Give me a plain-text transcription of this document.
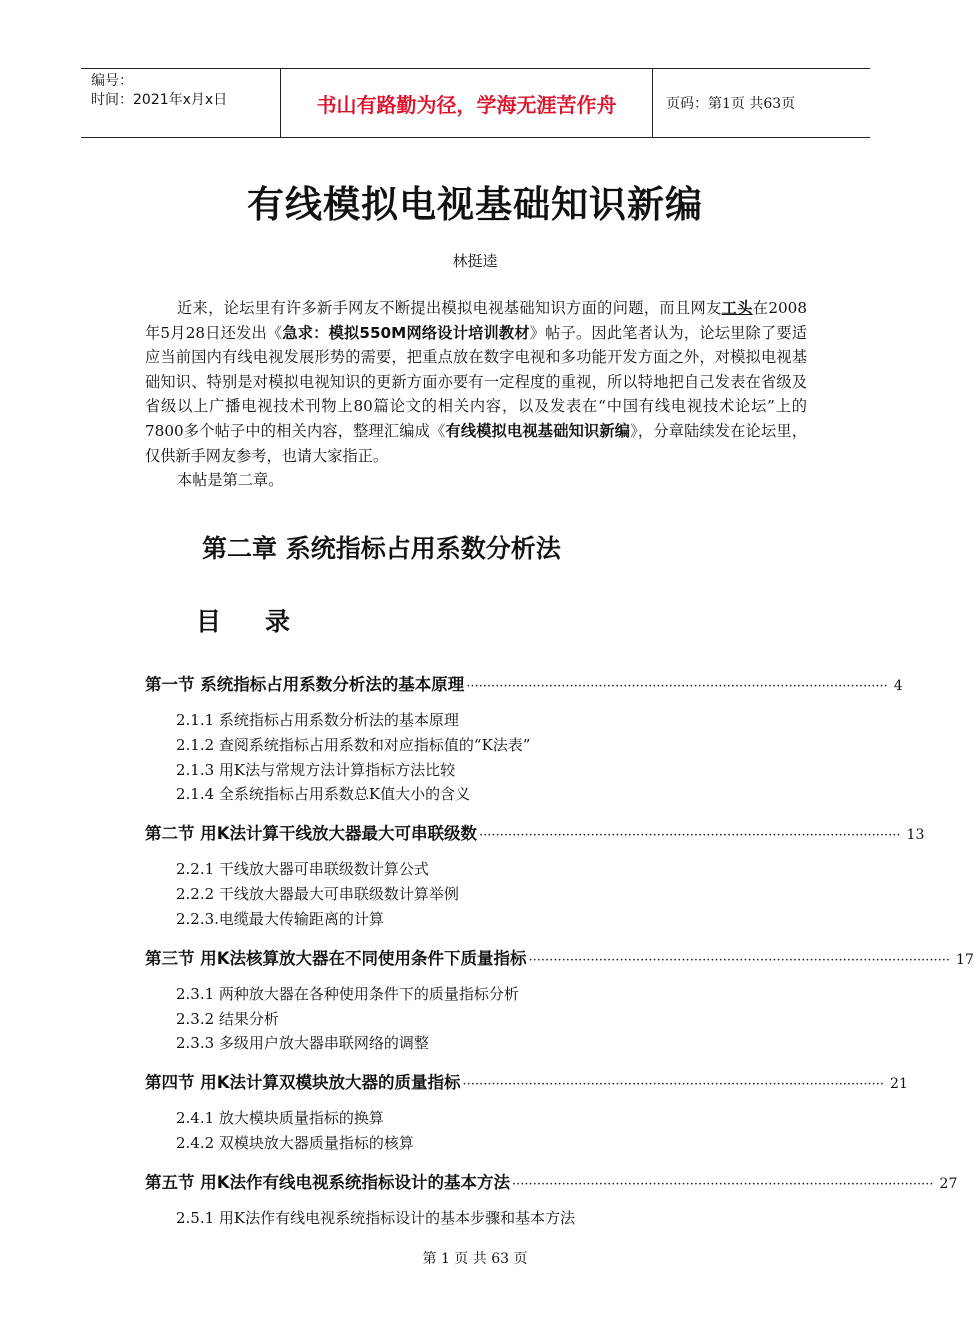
编号：
时间：2021年x月x日	书山有路勤为径，学海无涯苦作舟	页码：第1页 共63页
有线模拟电视基础知识新编
林挺逵

近来，论坛里有许多新手网友不断提出模拟电视基础知识方面的问题，而且网友工头在2008年5月28日还发出《急求：模拟550M网络设计培训教材》帖子。因此笔者认为，论坛里除了要适应当前国内有线电视发展形势的需要，把重点放在数字电视和多功能开发方面之外，对模拟电视基础知识、特别是对模拟电视知识的更新方面亦要有一定程度的重视，所以特地把自己发表在省级及省级以上广播电视技术刊物上80篇论文的相关内容，以及发表在“中国有线电视技术论坛”上的7800多个帖子中的相关内容，整理汇编成《有线模拟电视基础知识新编》，分章陆续发在论坛里，仅供新手网友参考，也请大家指正。

本帖是第二章。

第二章 系统指标占用系数分析法
目 录
第一节 系统指标占用系数分析法的基本原理 ······································································································ 4
2.1.1 系统指标占用系数分析法的基本原理
2.1.2 查阅系统指标占用系数和对应指标值的“K法表”
2.1.3 用K法与常规方法计算指标方法比较
2.1.4 全系统指标占用系数总K值大小的含义
第二节 用K法计算干线放大器最大可串联级数 ······································································································ 13
2.2.1 干线放大器可串联级数计算公式
2.2.2 干线放大器最大可串联级数计算举例
2.2.3.电缆最大传输距离的计算
第三节 用K法核算放大器在不同使用条件下质量指标 ······································································································ 17
2.3.1 两种放大器在各种使用条件下的质量指标分析
2.3.2 结果分析
2.3.3 多级用户放大器串联网络的调整
第四节 用K法计算双模块放大器的质量指标 ······································································································ 21
2.4.1 放大模块质量指标的换算
2.4.2 双模块放大器质量指标的核算
第五节 用K法作有线电视系统指标设计的基本方法 ······································································································ 27
2.5.1 用K法作有线电视系统指标设计的基本步骤和基本方法
第 1 页 共 63 页
